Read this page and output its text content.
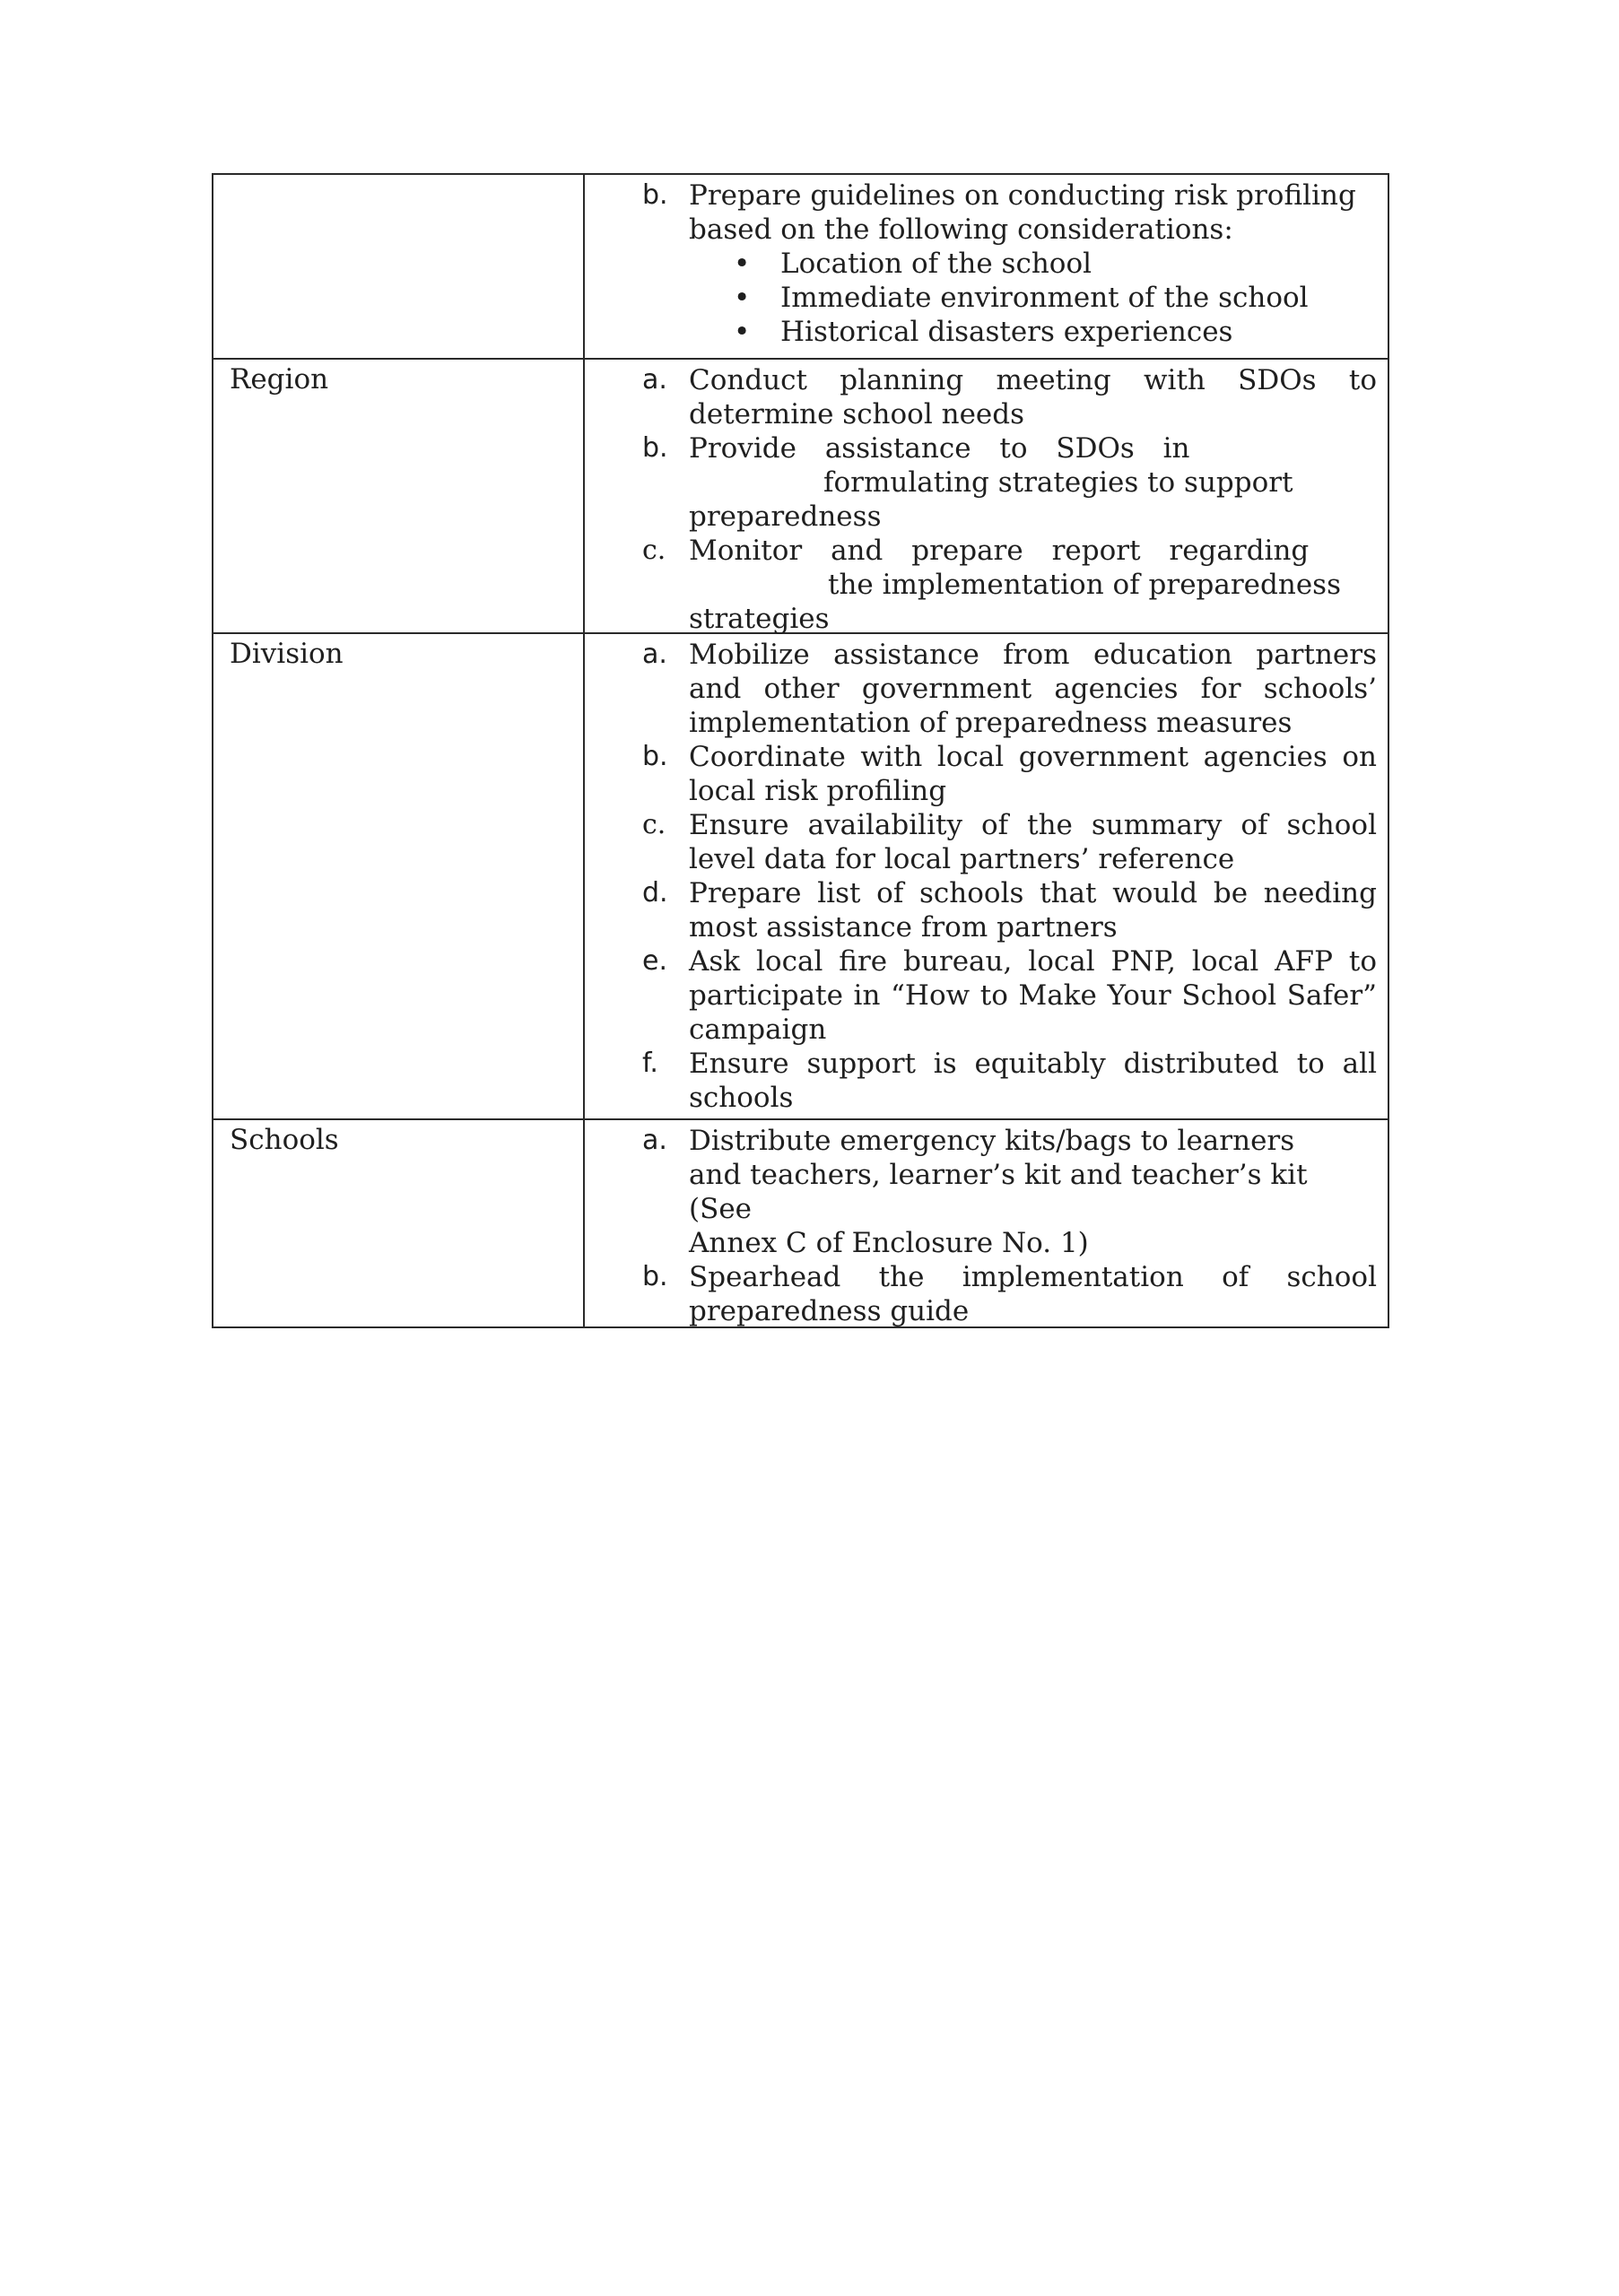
b. Prepare guidelines on conducting risk profiling based on the following considerations:
•	Location of the school
•	Immediate environment of the school
•	Historical disasters experiences
Region	a. Conduct planning meeting with SDOs to determine school needs
b. Provide assistance to SDOs in
formulating strategies to support
preparedness
c. Monitor and prepare report regarding
the implementation of preparedness
strategies
Division	a. Mobilize assistance from education partners and other government agencies for schools’ implementation of preparedness measures
b. Coordinate with local government agencies on local risk profiling
c. Ensure availability of the summary of school level data for local partners’ reference
d. Prepare list of schools that would be needing most assistance from partners
e. Ask local fire bureau, local PNP, local AFP to participate in “How to Make Your School Safer” campaign
f.	Ensure support is equitably distributed to all schools
Schools	a. Distribute emergency kits/bags to learners and teachers, learner’s kit and teacher’s kit
(See
Annex C of Enclosure No. 1)
b. Spearhead the implementation of school preparedness guide
